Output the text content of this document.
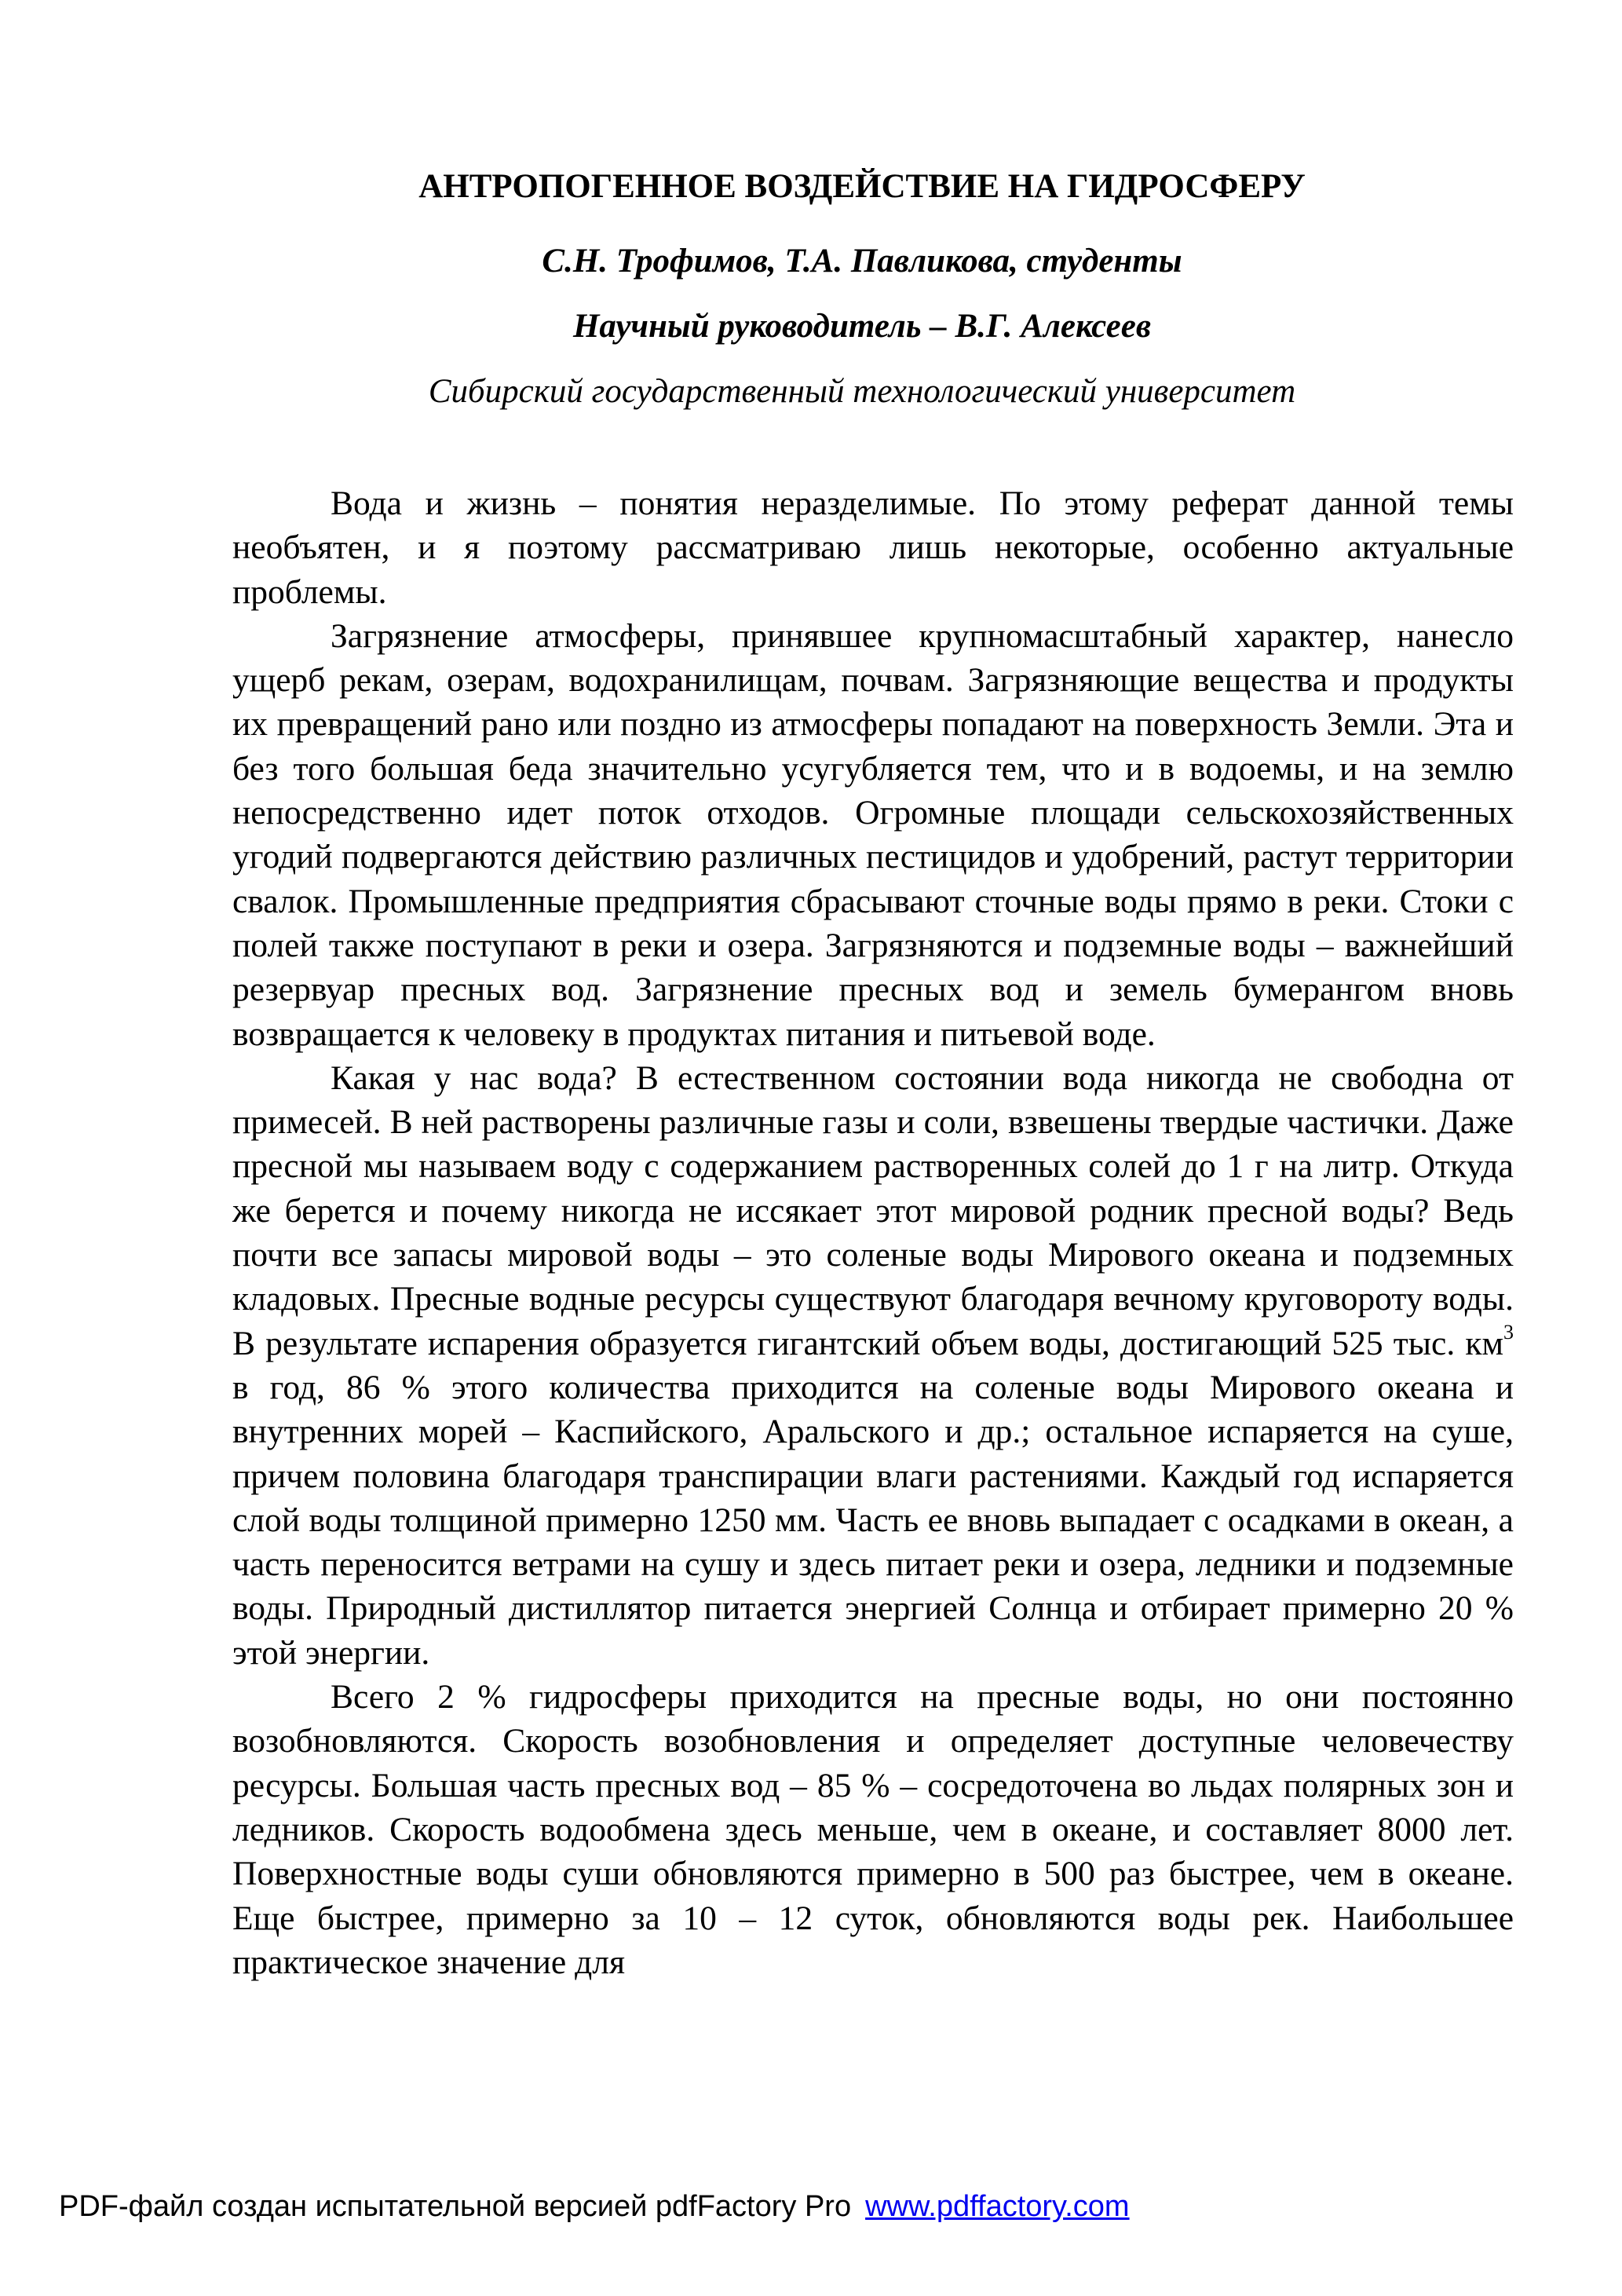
АНТРОПОГЕННОЕ ВОЗДЕЙСТВИЕ НА ГИДРОСФЕРУ
С.Н. Трофимов, Т.А. Павликова, студенты
Научный руководитель – В.Г. Алексеев
Сибирский государственный технологический университет

Вода и жизнь – понятия неразделимые. По этому реферат данной темы необъятен, и я поэтому рассматриваю лишь некоторые, особенно актуальные проблемы.

Загрязнение атмосферы, принявшее крупномасштабный характер, нанесло ущерб рекам, озерам, водохранилищам, почвам. Загрязняющие вещества и продукты их превращений рано или поздно из атмосферы попадают на поверхность Земли. Эта и без того большая беда значительно усугубляется тем, что и в водоемы, и на землю непосредственно идет поток отходов. Огромные площади сельскохозяйственных угодий подвергаются действию различных пестицидов и удобрений, растут территории свалок. Промышленные предприятия сбрасывают сточные воды прямо в реки. Стоки с полей также поступают в реки и озера. Загрязняются и подземные воды – важнейший резервуар пресных вод. Загрязнение пресных вод и земель бумерангом вновь возвращается к человеку в продуктах питания и питьевой воде.

Какая у нас вода? В естественном состоянии вода никогда не свободна от примесей. В ней растворены различные газы и соли, взвешены твердые частички. Даже пресной мы называем воду с содержанием растворенных солей до 1 г на литр. Откуда же берется и почему никогда не иссякает этот мировой родник пресной воды? Ведь почти все запасы мировой воды – это соленые воды Мирового океана и подземных кладовых. Пресные водные ресурсы существуют благодаря вечному круговороту воды. В результате испарения образуется гигантский объем воды, достигающий 525 тыс. $км^3$ в год, 86 % этого количества приходится на соленые воды Мирового океана и внутренних морей – Каспийского, Аральского и др.; остальное испаряется на суше, причем половина благодаря транспирации влаги растениями. Каждый год испаряется слой воды толщиной примерно 1250 мм. Часть ее вновь выпадает с осадками в океан, а часть переносится ветрами на сушу и здесь питает реки и озера, ледники и подземные воды. Природный дистиллятор питается энергией Солнца и отбирает примерно 20 % этой энергии.

Всего 2 % гидросферы приходится на пресные воды, но они постоянно возобновляются. Скорость возобновления и определяет доступные человечеству ресурсы. Большая часть пресных вод – 85 % – сосредоточена во льдах полярных зон и ледников. Скорость водообмена здесь меньше, чем в океане, и составляет 8000 лет. Поверхностные воды суши обновляются примерно в 500 раз быстрее, чем в океане. Еще быстрее, примерно за 10 – 12 суток, обновляются воды рек. Наибольшее практическое значение для

PDF-файл создан испытательной версией pdfFactory Pro www.pdffactory.com
